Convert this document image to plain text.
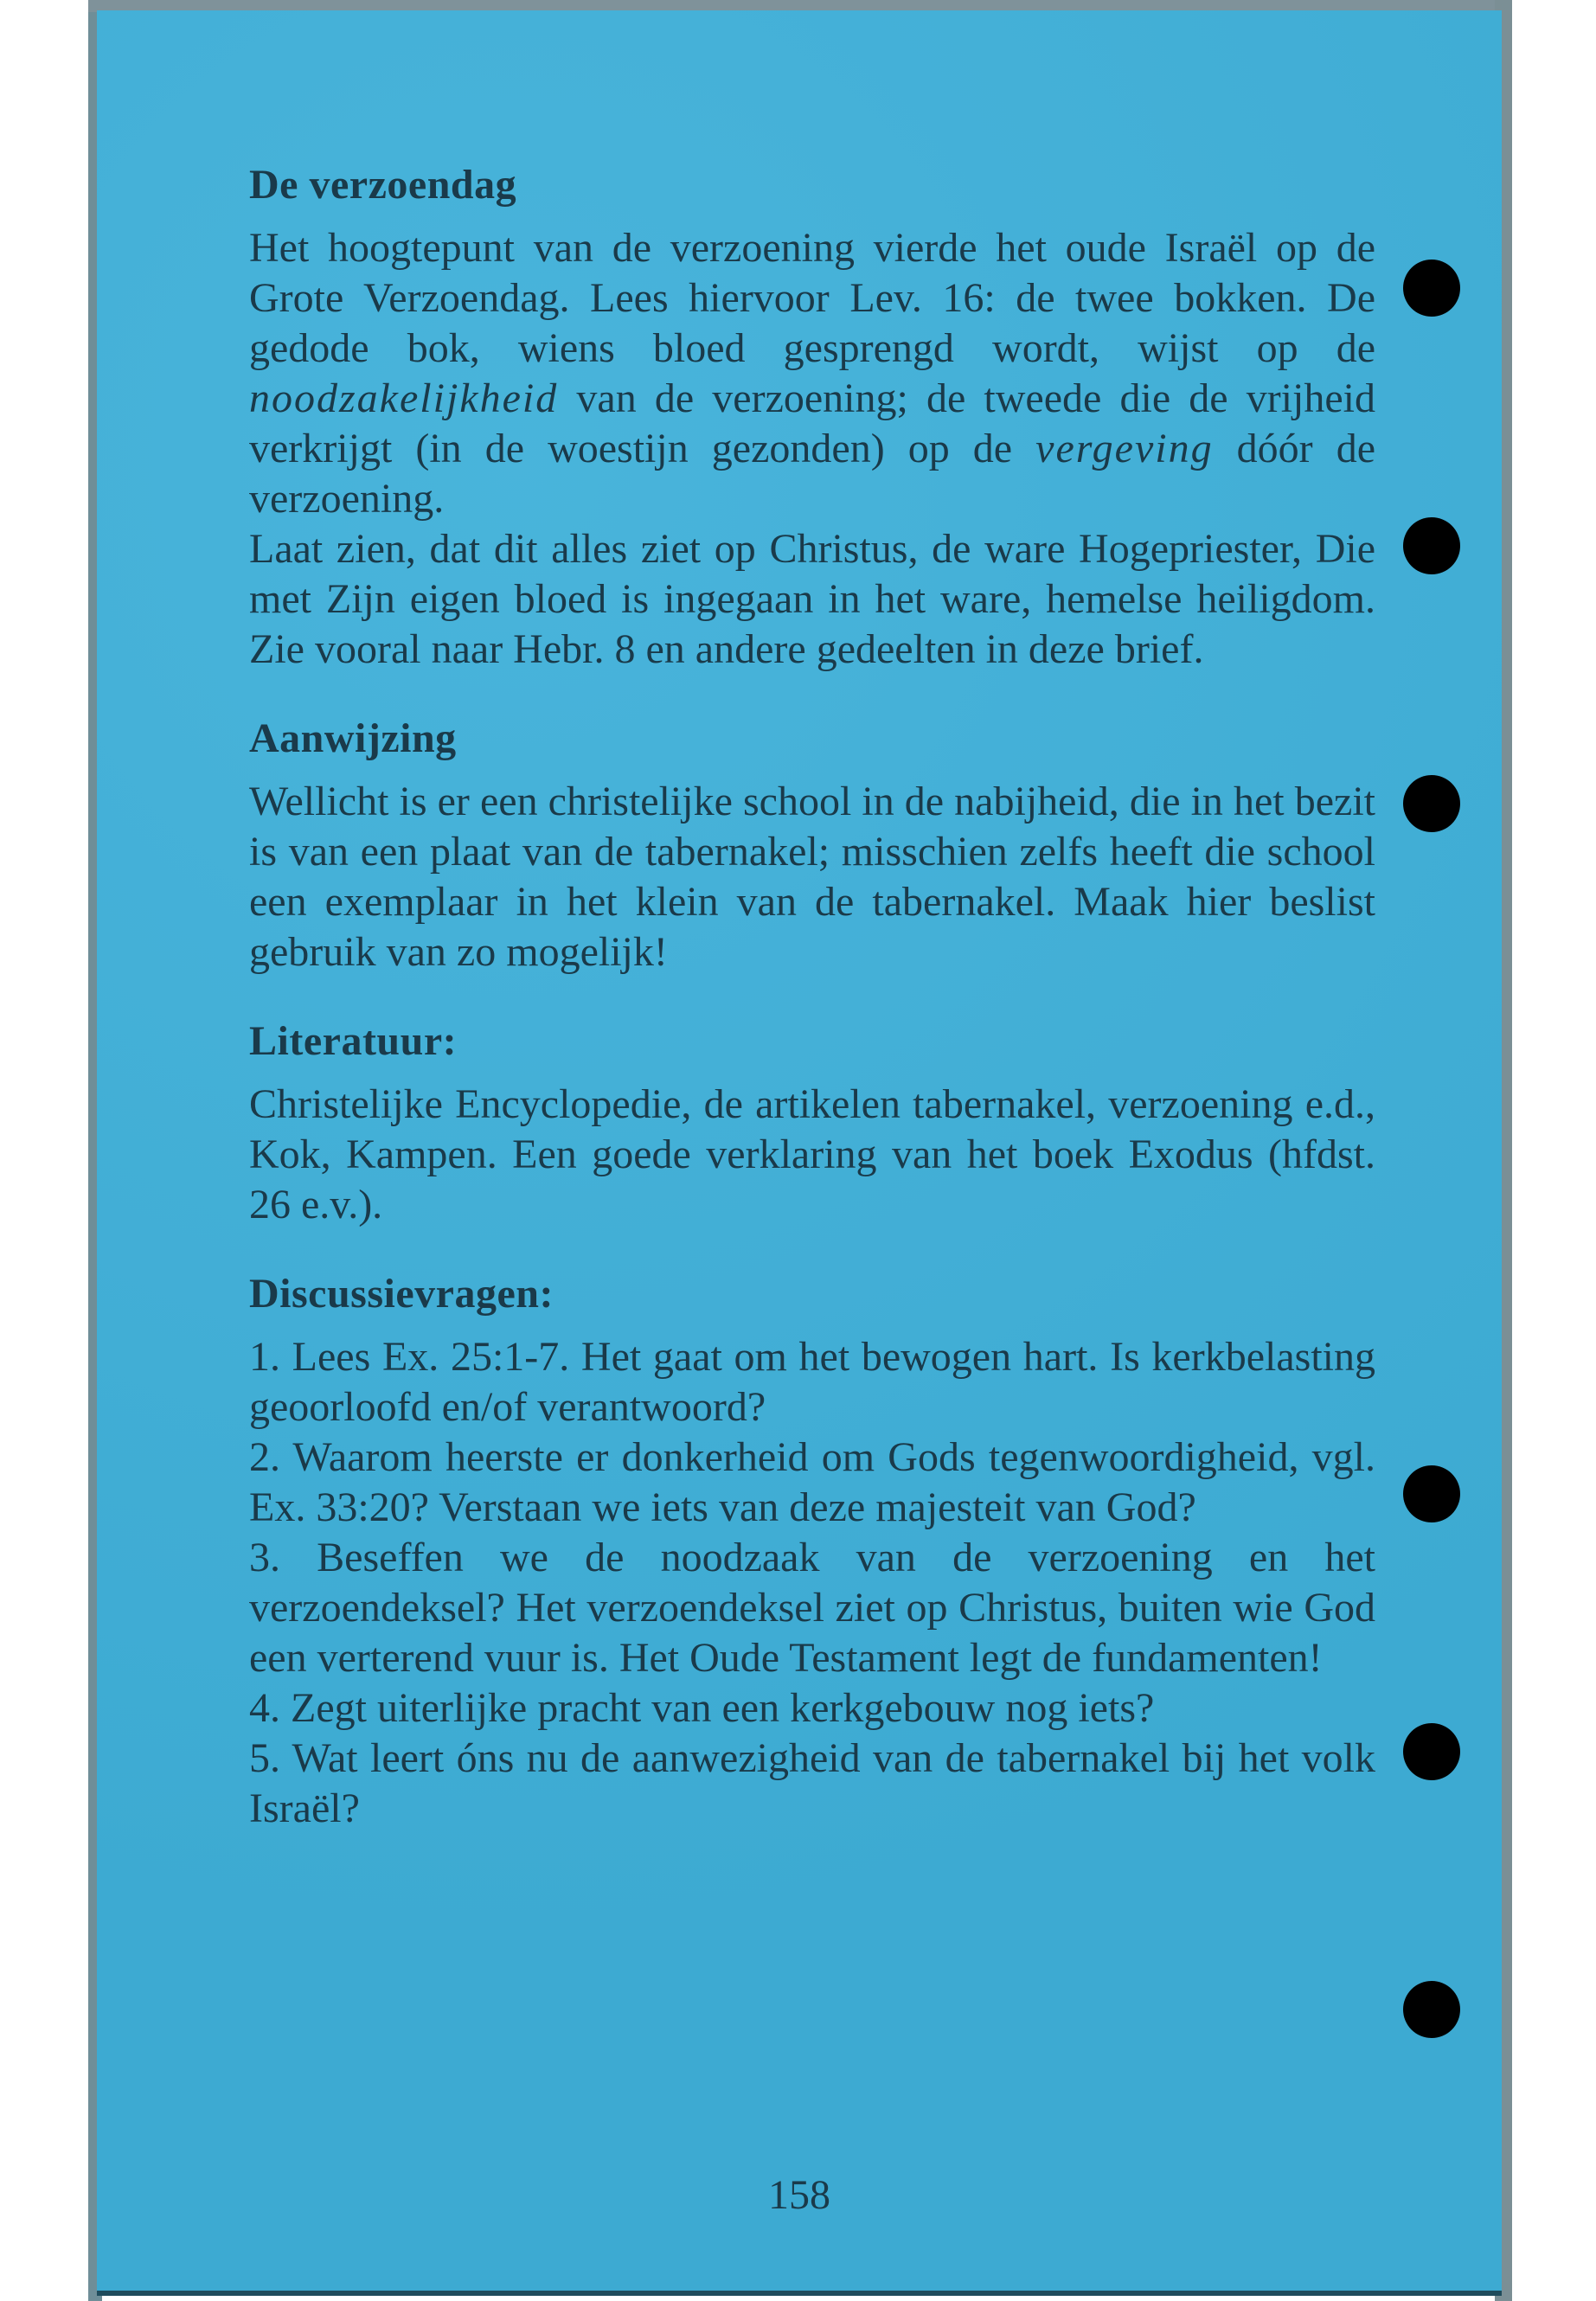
De verzoendag

Het hoogtepunt van de verzoening vierde het oude Israël op de Grote Verzoendag. Lees hiervoor Lev. 16: de twee bokken. De gedode bok, wiens bloed gesprengd wordt, wijst op de noodzakelijkheid van de verzoening; de tweede die de vrijheid verkrijgt (in de woestijn gezonden) op de vergeving dóór de verzoening.

Laat zien, dat dit alles ziet op Christus, de ware Hogepriester, Die met Zijn eigen bloed is ingegaan in het ware, hemelse heiligdom. Zie vooral naar Hebr. 8 en andere gedeelten in deze brief.

Aanwijzing

Wellicht is er een christelijke school in de nabijheid, die in het bezit is van een plaat van de tabernakel; misschien zelfs heeft die school een exemplaar in het klein van de tabernakel. Maak hier beslist gebruik van zo mogelijk!

Literatuur:

Christelijke Encyclopedie, de artikelen tabernakel, verzoening e.d., Kok, Kampen. Een goede verklaring van het boek Exodus (hfdst. 26 e.v.).

Discussievragen:

1. Lees Ex. 25:1-7. Het gaat om het bewogen hart. Is kerkbelasting geoorloofd en/of verantwoord?

2. Waarom heerste er donkerheid om Gods tegenwoordigheid, vgl. Ex. 33:20? Verstaan we iets van deze majesteit van God?

3. Beseffen we de noodzaak van de verzoening en het verzoendeksel? Het verzoendeksel ziet op Christus, buiten wie God een verterend vuur is. Het Oude Testament legt de fundamenten!

4. Zegt uiterlijke pracht van een kerkgebouw nog iets?

5. Wat leert óns nu de aanwezigheid van de tabernakel bij het volk Israël?

158
